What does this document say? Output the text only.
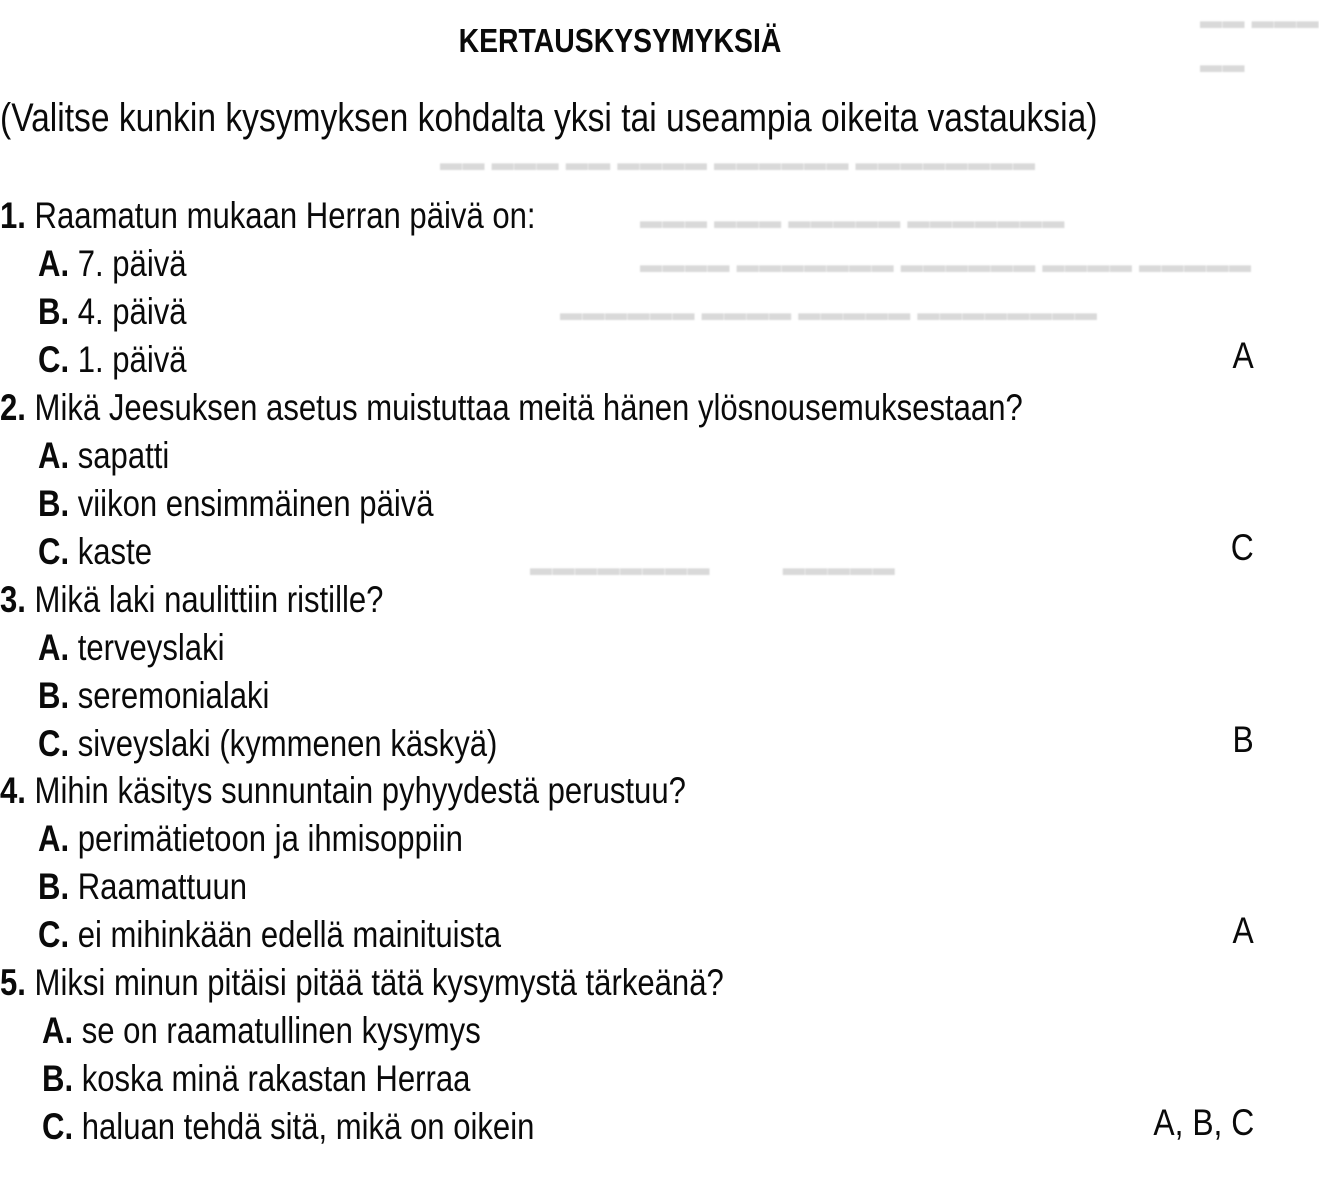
▬▬ ▬▬▬
▬▬
▬▬ ▬▬▬ ▬▬ ▬▬▬▬ ▬▬▬▬▬▬ ▬▬▬▬▬▬▬▬
▬▬▬ ▬▬▬ ▬▬▬▬▬ ▬▬▬▬▬▬▬
▬▬▬▬ ▬▬▬▬▬▬▬ ▬▬▬▬▬▬ ▬▬▬▬ ▬▬▬▬▬
▬▬▬▬▬▬ ▬▬▬▬ ▬▬▬▬▬ ▬▬▬▬▬▬▬▬
▬▬▬▬▬▬▬▬           ▬▬▬▬▬
KERTAUSKYSYMYKSIÄ
(Valitse kunkin kysymyksen kohdalta yksi tai useampia oikeita vastauksia)
1. Raamatun mukaan Herran päivä on:
A. 7. päivä
B. 4. päivä
C. 1. päivä	A
2. Mikä Jeesuksen asetus muistuttaa meitä hänen ylösnousemuksestaan?
A. sapatti
B. viikon ensimmäinen päivä
C. kaste	C
3. Mikä laki naulittiin ristille?
A. terveyslaki
B. seremonialaki
C. siveyslaki (kymmenen käskyä)	B
4. Mihin käsitys sunnuntain pyhyydestä perustuu?
A. perimätietoon ja ihmisoppiin
B. Raamattuun
C. ei mihinkään edellä mainituista	A
5. Miksi minun pitäisi pitää tätä kysymystä tärkeänä?
A. se on raamatullinen kysymys
B. koska minä rakastan Herraa
C. haluan tehdä sitä, mikä on oikein	A, B, C
